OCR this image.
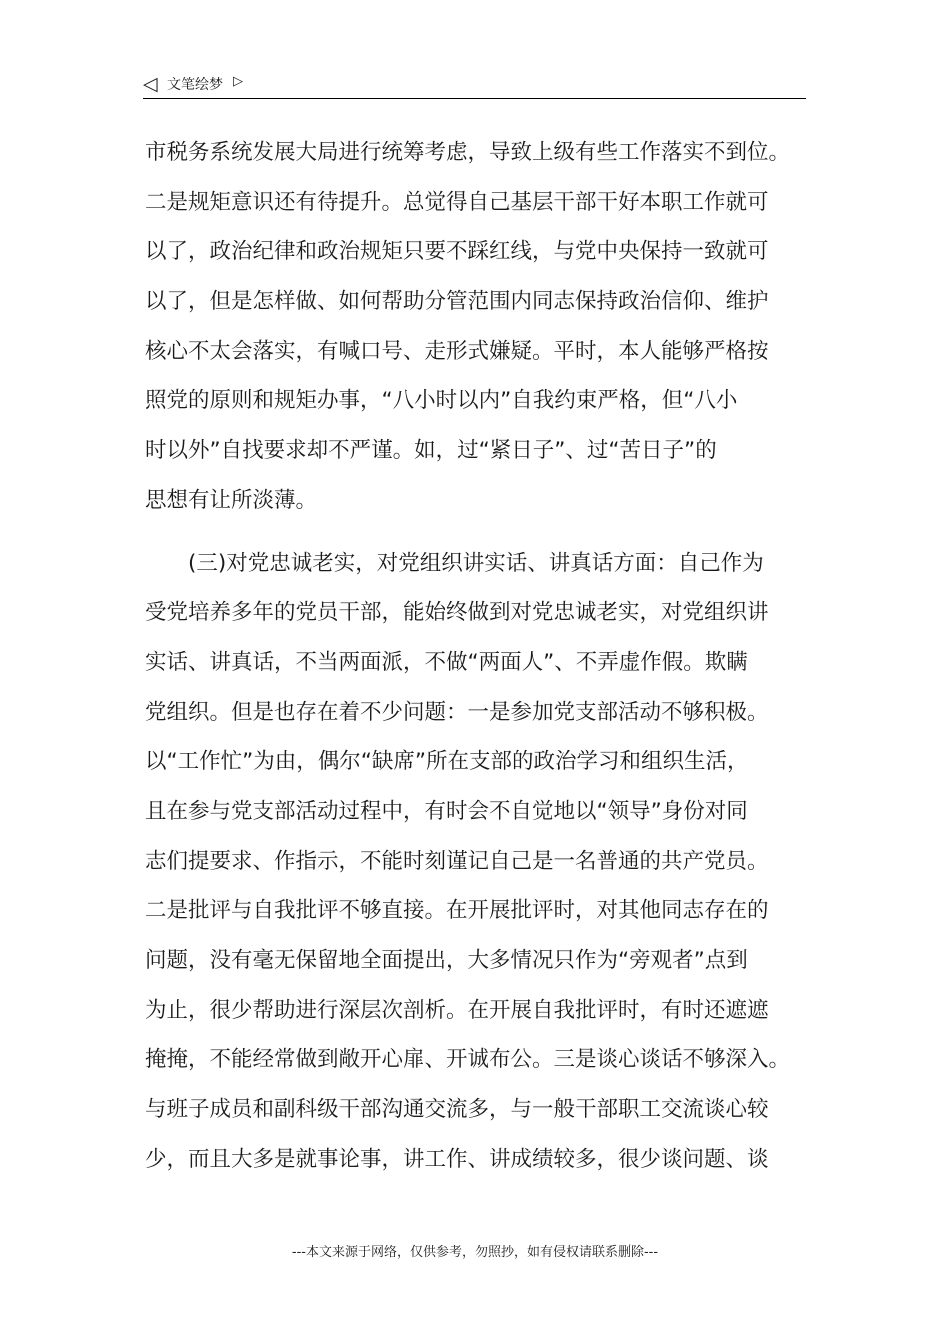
◁ 文笔绘梦 ▷
市税务系统发展大局进行统筹考虑，导致上级有些工作落实不到位。
二是规矩意识还有待提升。总觉得自己基层干部干好本职工作就可
以了，政治纪律和政治规矩只要不踩红线，与党中央保持一致就可
以了，但是怎样做、如何帮助分管范围内同志保持政治信仰、维护
核心不太会落实，有喊口号、走形式嫌疑。平时，本人能够严格按
照党的原则和规矩办事，“八小时以内”自我约束严格，但“八小
时以外”自找要求却不严谨。如，过“紧日子”、过“苦日子”的
思想有让所淡薄。
(三)对党忠诚老实，对党组织讲实话、讲真话方面：自己作为
受党培养多年的党员干部，能始终做到对党忠诚老实，对党组织讲
实话、讲真话，不当两面派，不做“两面人”、不弄虚作假。欺瞒
党组织。但是也存在着不少问题：一是参加党支部活动不够积极。
以“工作忙”为由，偶尔“缺席”所在支部的政治学习和组织生活，
且在参与党支部活动过程中，有时会不自觉地以“领导”身份对同
志们提要求、作指示，不能时刻谨记自己是一名普通的共产党员。
二是批评与自我批评不够直接。在开展批评时，对其他同志存在的
问题，没有毫无保留地全面提出，大多情况只作为“旁观者”点到
为止，很少帮助进行深层次剖析。在开展自我批评时，有时还遮遮
掩掩，不能经常做到敞开心扉、开诚布公。三是谈心谈话不够深入。
与班子成员和副科级干部沟通交流多，与一般干部职工交流谈心较
少，而且大多是就事论事，讲工作、讲成绩较多，很少谈问题、谈
---本文来源于网络，仅供参考，勿照抄，如有侵权请联系删除---
